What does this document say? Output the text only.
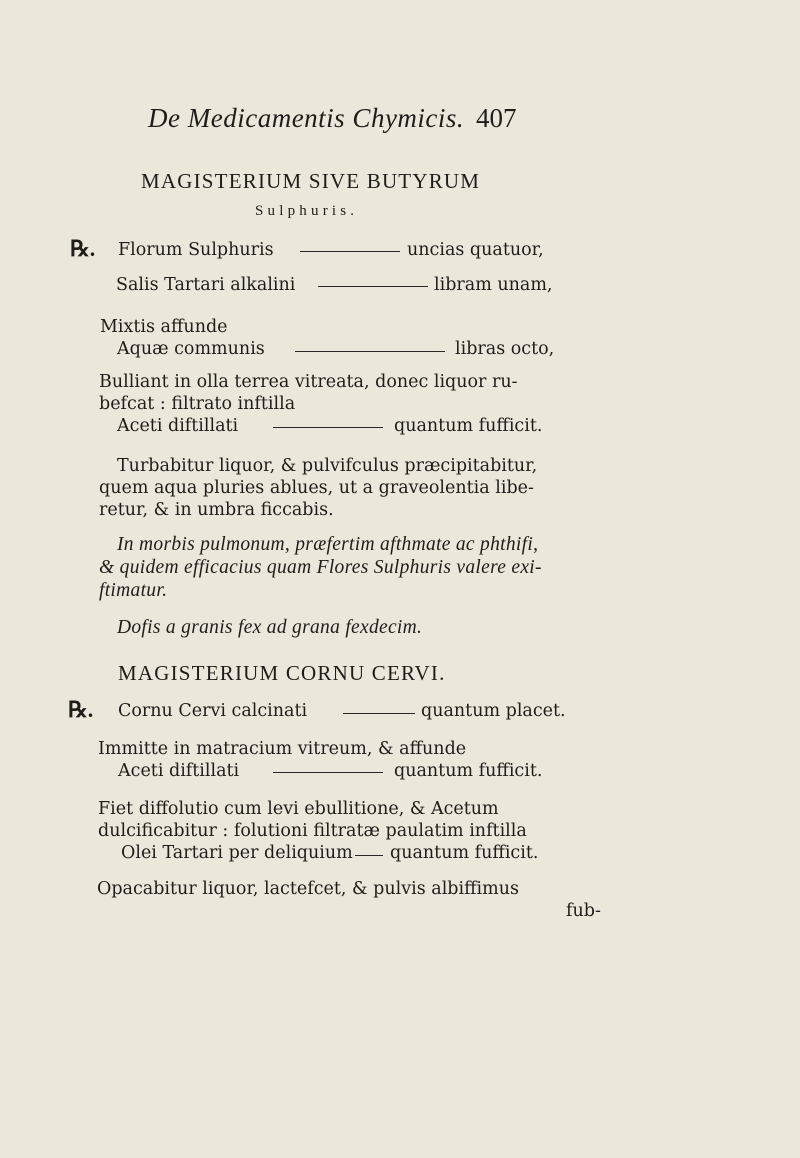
De Medicamentis Chymicis. 407
MAGISTERIUM SIVE BUTYRUM
Sulphuris.
℞. Florum Sulphuris	uncias quatuor,
Salis Tartari alkalini	libram unam,
Mixtis affunde
Aquæ communis	libras octo,
Bulliant in olla terrea vitreata, donec liquor ru-
befcat : filtrato inftilla
Aceti diftillati	quantum fufficit.
Turbabitur liquor, & pulvifculus præcipitabitur,
quem aqua pluries ablues, ut a graveolentia libe-
retur, & in umbra ficcabis.
In morbis pulmonum, præfertim afthmate ac phthifi,
& quidem efficacius quam Flores Sulphuris valere exi-
ftimatur.
Dofis a granis fex ad grana fexdecim.
MAGISTERIUM CORNU CERVI.
℞. Cornu Cervi calcinati	quantum placet.
Immitte in matracium vitreum, & affunde
Aceti diftillati	quantum fufficit.
Fiet diffolutio cum levi ebullitione, & Acetum
dulcificabitur : folutioni filtratæ paulatim inftilla
Olei Tartari per deliquium quantum fufficit.
Opacabitur liquor, lactefcet, & pulvis albiffimus
fub-
